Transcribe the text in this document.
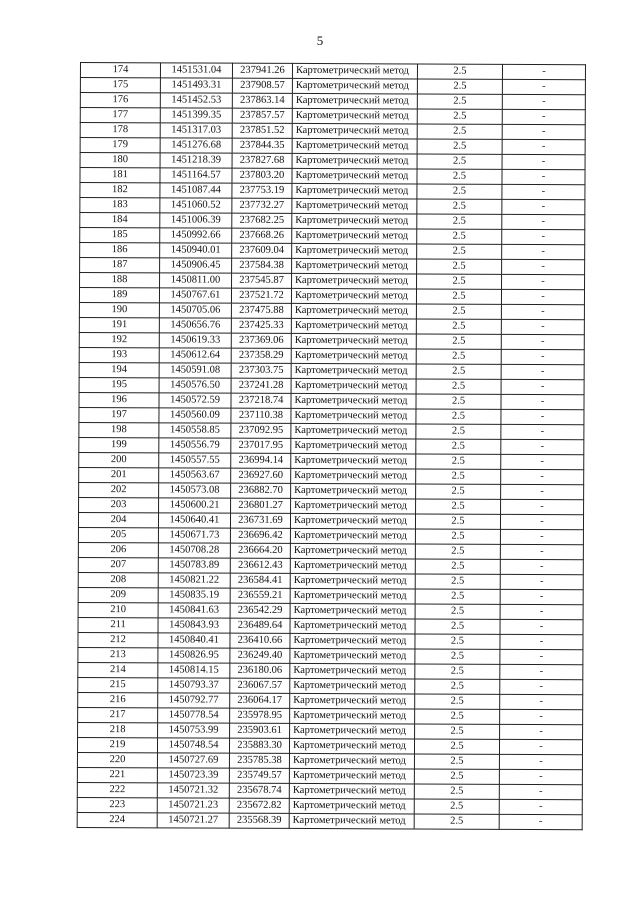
5
174	1451531.04	237941.26	Картометрический метод	2.5	-
175	1451493.31	237908.57	Картометрический метод	2.5	-
176	1451452.53	237863.14	Картометрический метод	2.5	-
177	1451399.35	237857.57	Картометрический метод	2.5	-
178	1451317.03	237851.52	Картометрический метод	2.5	-
179	1451276.68	237844.35	Картометрический метод	2.5	-
180	1451218.39	237827.68	Картометрический метод	2.5	-
181	1451164.57	237803.20	Картометрический метод	2.5	-
182	1451087.44	237753.19	Картометрический метод	2.5	-
183	1451060.52	237732.27	Картометрический метод	2.5	-
184	1451006.39	237682.25	Картометрический метод	2.5	-
185	1450992.66	237668.26	Картометрический метод	2.5	-
186	1450940.01	237609.04	Картометрический метод	2.5	-
187	1450906.45	237584.38	Картометрический метод	2.5	-
188	1450811.00	237545.87	Картометрический метод	2.5	-
189	1450767.61	237521.72	Картометрический метод	2.5	-
190	1450705.06	237475.88	Картометрический метод	2.5	-
191	1450656.76	237425.33	Картометрический метод	2.5	-
192	1450619.33	237369.06	Картометрический метод	2.5	-
193	1450612.64	237358.29	Картометрический метод	2.5	-
194	1450591.08	237303.75	Картометрический метод	2.5	-
195	1450576.50	237241.28	Картометрический метод	2.5	-
196	1450572.59	237218.74	Картометрический метод	2.5	-
197	1450560.09	237110.38	Картометрический метод	2.5	-
198	1450558.85	237092.95	Картометрический метод	2.5	-
199	1450556.79	237017.95	Картометрический метод	2.5	-
200	1450557.55	236994.14	Картометрический метод	2.5	-
201	1450563.67	236927.60	Картометрический метод	2.5	-
202	1450573.08	236882.70	Картометрический метод	2.5	-
203	1450600.21	236801.27	Картометрический метод	2.5	-
204	1450640.41	236731.69	Картометрический метод	2.5	-
205	1450671.73	236696.42	Картометрический метод	2.5	-
206	1450708.28	236664.20	Картометрический метод	2.5	-
207	1450783.89	236612.43	Картометрический метод	2.5	-
208	1450821.22	236584.41	Картометрический метод	2.5	-
209	1450835.19	236559.21	Картометрический метод	2.5	-
210	1450841.63	236542.29	Картометрический метод	2.5	-
211	1450843.93	236489.64	Картометрический метод	2.5	-
212	1450840.41	236410.66	Картометрический метод	2.5	-
213	1450826.95	236249.40	Картометрический метод	2.5	-
214	1450814.15	236180.06	Картометрический метод	2.5	-
215	1450793.37	236067.57	Картометрический метод	2.5	-
216	1450792.77	236064.17	Картометрический метод	2.5	-
217	1450778.54	235978.95	Картометрический метод	2.5	-
218	1450753.99	235903.61	Картометрический метод	2.5	-
219	1450748.54	235883.30	Картометрический метод	2.5	-
220	1450727.69	235785.38	Картометрический метод	2.5	-
221	1450723.39	235749.57	Картометрический метод	2.5	-
222	1450721.32	235678.74	Картометрический метод	2.5	-
223	1450721.23	235672.82	Картометрический метод	2.5	-
224	1450721.27	235568.39	Картометрический метод	2.5	-
